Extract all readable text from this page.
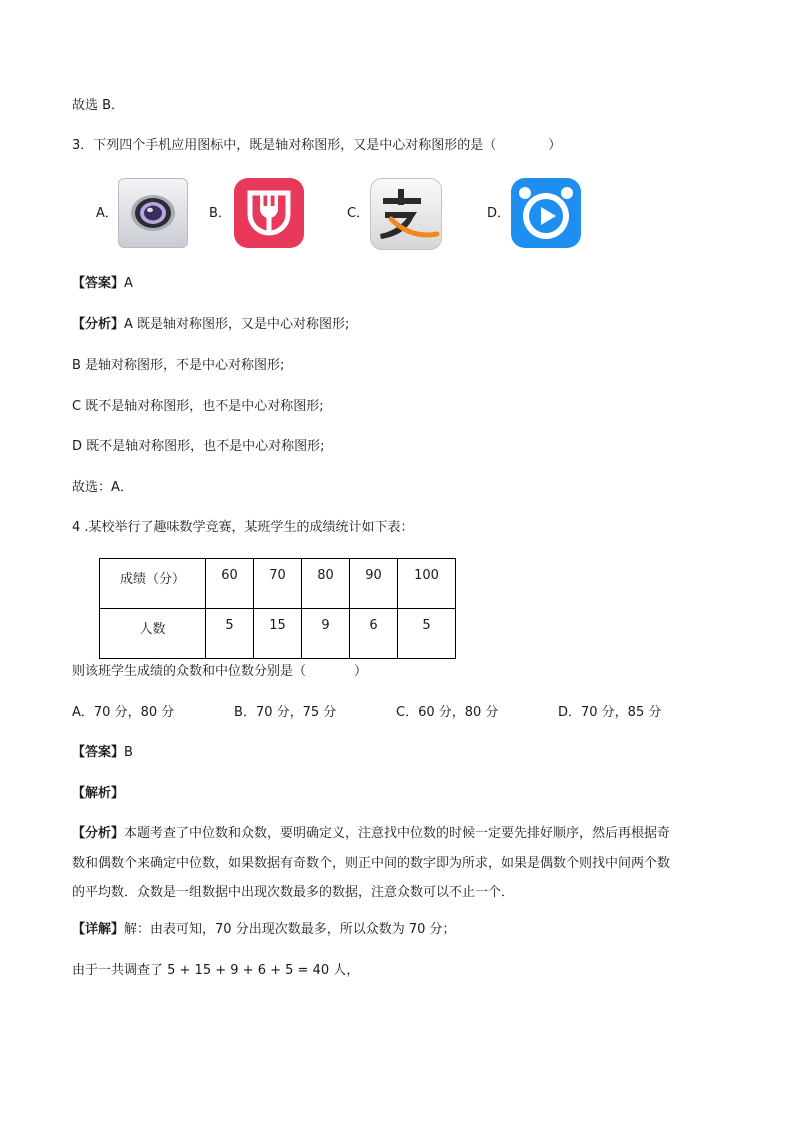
故选 B．
3．下列四个手机应用图标中，既是轴对称图形，又是中心对称图形的是（	）
A．	B．	C．	D．
【答案】A
【分析】A 既是轴对称图形，又是中心对称图形;
B 是轴对称图形，不是中心对称图形;
C 既不是轴对称图形，也不是中心对称图形;
D 既不是轴对称图形，也不是中心对称图形;
故选：A．
4 .某校举行了趣味数学竞赛，某班学生的成绩统计如下表：
成绩（分）	60	70	80	90	100
人数	5	15	9	6	5
则该班学生成绩的众数和中位数分别是（	）
A．70 分，80 分	B．70 分，75 分	C．60 分，80 分	D．70 分，85 分
【答案】B
【解析】
【分析】本题考查了中位数和众数，要明确定义，注意找中位数的时候一定要先排好顺序，然后再根据奇
数和偶数个来确定中位数，如果数据有奇数个，则正中间的数字即为所求，如果是偶数个则找中间两个数
的平均数．众数是一组数据中出现次数最多的数据，注意众数可以不止一个．
【详解】解：由表可知，70 分出现次数最多，所以众数为 70 分；
由于一共调查了 5 + 15 + 9 + 6 + 5 = 40 人，
